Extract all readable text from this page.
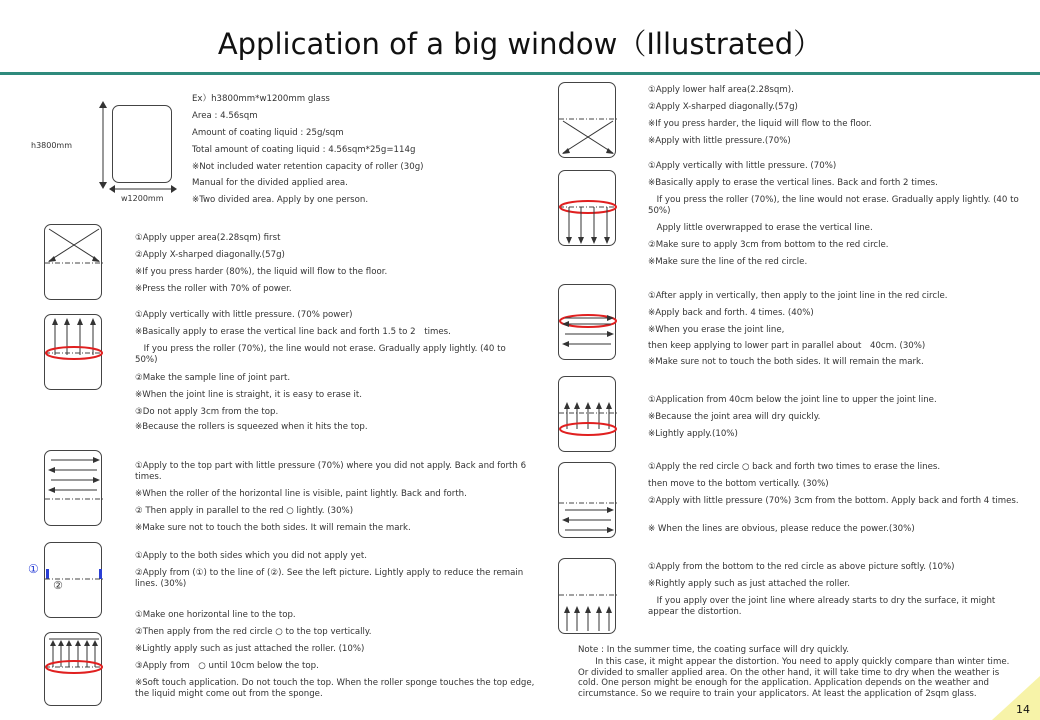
Application of a big window（Illustrated）
h3800mm
w1200mm
Ex）h3800mm*w1200mm glass
Area : 4.56sqm
Amount of coating liquid : 25g/sqm
Total amount of coating liquid : 4.56sqm*25g=114g
※Not included water retention capacity of roller (30g)
Manual for the divided applied area.
※Two divided area. Apply by one person.
①Apply upper area(2.28sqm) first
②Apply X-sharped diagonally.(57g)
※If you press harder (80%), the liquid will flow to the floor.
※Press the roller with 70% of power.
①Apply vertically with little pressure. (70% power)
※Basically apply to erase the vertical line back and forth 1.5 to 2　times.
　If you press the roller (70%), the line would not erase. Gradually apply lightly. (40 to 50%)
②Make the sample line of joint part.
※When the joint line is straight, it is easy to erase it.
③Do not apply 3cm from the top.
※Because the rollers is squeezed when it hits the top.
①Apply to the top part with little pressure (70%) where you did not apply. Back and forth 6 times.
※When the roller of the horizontal line is visible, paint lightly. Back and forth.
② Then apply in parallel to the red ○ lightly. (30%)
※Make sure not to touch the both sides. It will remain the mark.
①
②
①Apply to the both sides which you did not apply yet.
②Apply from (①) to the line of (②). See the left picture. Lightly apply to reduce the remain lines. (30%)
①Make one horizontal line to the top.
②Then apply from the red circle ○ to the top vertically.
※Lightly apply such as just attached the roller. (10%)
③Apply from　○ until 10cm below the top.
※Soft touch application. Do not touch the top. When the roller sponge touches the top edge, the liquid might come out from the sponge.
①Apply lower half area(2.28sqm).
②Apply X-sharped diagonally.(57g)
※If you press harder, the liquid will flow to the floor.
※Apply with little pressure.(70%)
①Apply vertically with little pressure. (70%)
※Basically apply to erase the vertical lines. Back and forth 2 times.
　If you press the roller (70%), the line would not erase. Gradually apply lightly. (40 to 50%)
　Apply little overwrapped to erase the vertical line.
②Make sure to apply 3cm from bottom to the red circle.
※Make sure the line of the red circle.
①After apply in vertically, then apply to the joint line in the red circle.
※Apply back and forth. 4 times. (40%)
※When you erase the joint line,
then keep applying to lower part in parallel about　40cm. (30%)
※Make sure not to touch the both sides. It will remain the mark.
①Application from 40cm below the joint line to upper the joint line.
※Because the joint area will dry quickly.
※Lightly apply.(10%)
①Apply the red circle ○ back and forth two times to erase the lines.
then move to the bottom vertically. (30%)
②Apply with little pressure (70%) 3cm from the bottom. Apply back and forth 4 times.
※ When the lines are obvious, please reduce the power.(30%)
①Apply from the bottom to the red circle as above picture softly. (10%)
※Rightly apply such as just attached the roller.
　If you apply over the joint line where already starts to dry the surface, it might appear the distortion.
Note : In the summer time, the coating surface will dry quickly.
　　In this case, it might appear the distortion. You need to apply quickly compare than winter time. Or divided to smaller applied area. On the other hand, it will take time to dry when the weather is cold. One person might be enough for the application. Application depends on the weather and circumstance. So we require to train your applicators. At least the application of 2sqm glass.
14
